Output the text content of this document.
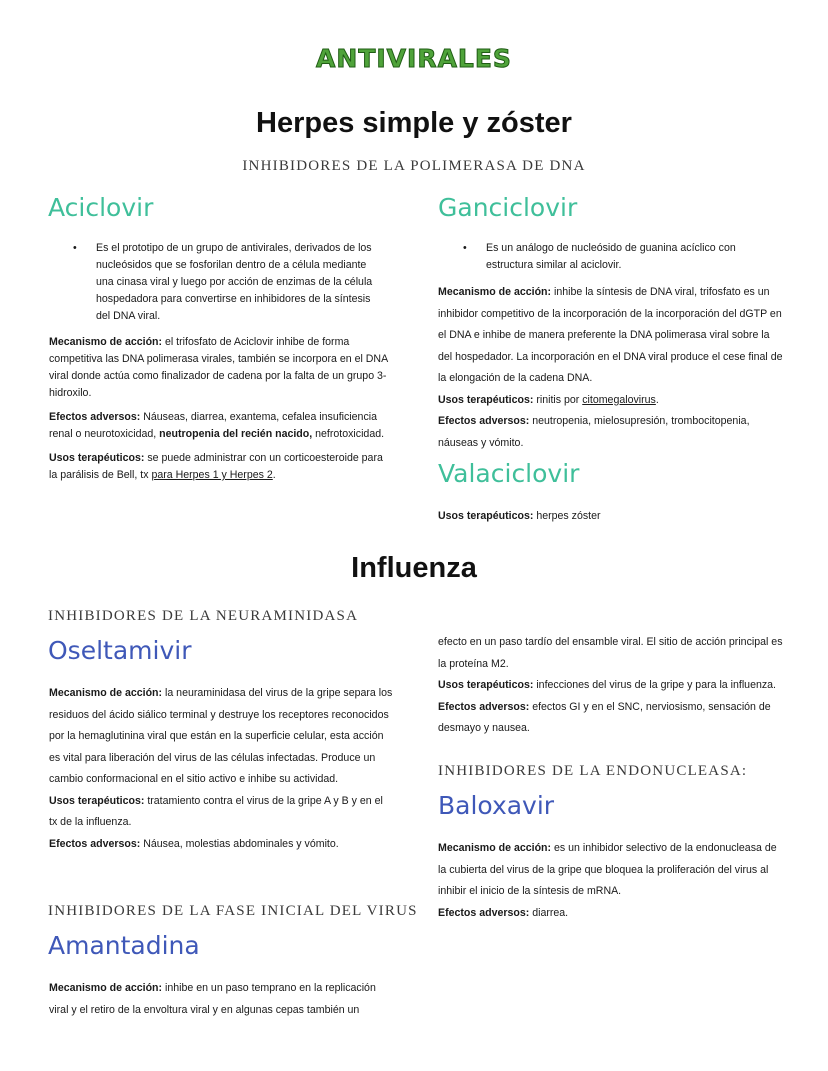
ANTIVIRALES
Herpes simple y zóster
INHIBIDORES DE LA POLIMERASA DE DNA
Aciclovir
• Es el prototipo de un grupo de antivirales, derivados de los nucleósidos que se fosforilan dentro de a célula mediante una cinasa viral y luego por acción de enzimas de la célula hospedadora para convertirse en inhibidores de la síntesis del DNA viral.
Mecanismo de acción: el trifosfato de Aciclovir inhibe de forma competitiva las DNA polimerasa virales, también se incorpora en el DNA viral donde actúa como finalizador de cadena por la falta de un grupo 3-hidroxilo.
Efectos adversos: Náuseas, diarrea, exantema, cefalea insuficiencia renal o neurotoxicidad, neutropenia del recién nacido, nefrotoxicidad.
Usos terapéuticos: se puede administrar con un corticoesteroide para la parálisis de Bell, tx para Herpes 1 y Herpes 2.
Ganciclovir
• Es un análogo de nucleósido de guanina acíclico con estructura similar al aciclovir.
Mecanismo de acción: inhibe la síntesis de DNA viral, trifosfato es un inhibidor competitivo de la incorporación de la incorporación del dGTP en el DNA e inhibe de manera preferente la DNA polimerasa viral sobre la del hospedador. La incorporación en el DNA viral produce el cese final de la elongación de la cadena DNA.
Usos terapéuticos: rinitis por citomegalovirus.
Efectos adversos: neutropenia, mielosupresión, trombocitopenia, náuseas y vómito.
Valaciclovir
Usos terapéuticos: herpes zóster
Influenza
INHIBIDORES DE LA NEURAMINIDASA
Oseltamivir
Mecanismo de acción: la neuraminidasa del virus de la gripe separa los residuos del ácido siálico terminal y destruye los receptores reconocidos por la hemaglutinina viral que están en la superficie celular, esta acción es vital para liberación del virus de las células infectadas. Produce un cambio conformacional en el sitio activo e inhibe su actividad.
Usos terapéuticos: tratamiento contra el virus de la gripe A y B y en el tx de la influenza.
Efectos adversos: Náusea, molestias abdominales y vómito.
INHIBIDORES DE LA FASE INICIAL DEL VIRUS
Amantadina
Mecanismo de acción: inhibe en un paso temprano en la replicación viral y el retiro de la envoltura viral y en algunas cepas también un
efecto en un paso tardío del ensamble viral. El sitio de acción principal es la proteína M2.
Usos terapéuticos: infecciones del virus de la gripe y para la influenza.
Efectos adversos: efectos GI y en el SNC, nerviosismo, sensación de desmayo y nausea.
INHIBIDORES DE LA ENDONUCLEASA:
Baloxavir
Mecanismo de acción: es un inhibidor selectivo de la endonucleasa de la cubierta del virus de la gripe que bloquea la proliferación del virus al inhibir el inicio de la síntesis de mRNA.
Efectos adversos: diarrea.
